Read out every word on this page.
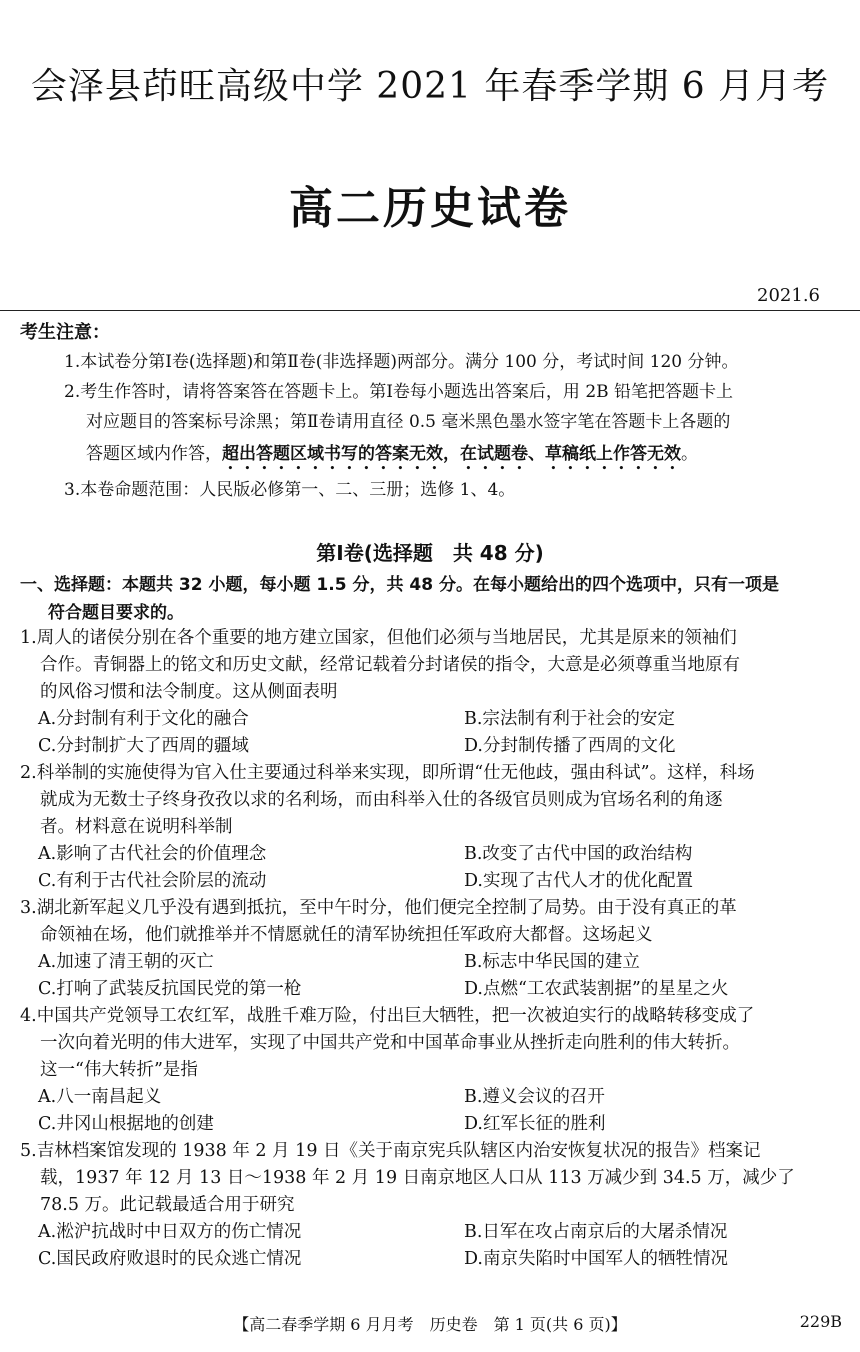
会泽县茚旺高级中学 2021 年春季学期 6 月月考
高二历史试卷
2021.6
考生注意：
1.本试卷分第Ⅰ卷(选择题)和第Ⅱ卷(非选择题)两部分。满分 100 分，考试时间 120 分钟。
2.考生作答时，请将答案答在答题卡上。第Ⅰ卷每小题选出答案后，用 2B 铅笔把答题卡上
对应题目的答案标号涂黑；第Ⅱ卷请用直径 0.5 毫米黑色墨水签字笔在答题卡上各题的
答题区域内作答，超出答题区域书写的答案无效，在试题卷、草稿纸上作答无效。
3.本卷命题范围：人民版必修第一、二、三册；选修 1、4。
第Ⅰ卷(选择题　共 48 分)
一、选择题：本题共 32 小题，每小题 1.5 分，共 48 分。在每小题给出的四个选项中，只有一项是
符合题目要求的。

1.周人的诸侯分别在各个重要的地方建立国家，但他们必须与当地居民，尤其是原来的领袖们

合作。青铜器上的铭文和历史文献，经常记载着分封诸侯的指令，大意是必须尊重当地原有

的风俗习惯和法令制度。这从侧面表明

A.分封制有利于文化的融合	B.宗法制有利于社会的安定
C.分封制扩大了西周的疆域	D.分封制传播了西周的文化

2.科举制的实施使得为官入仕主要通过科举来实现，即所谓“仕无他歧，强由科试”。这样，科场

就成为无数士子终身孜孜以求的名利场，而由科举入仕的各级官员则成为官场名利的角逐

者。材料意在说明科举制

A.影响了古代社会的价值理念	B.改变了古代中国的政治结构
C.有利于古代社会阶层的流动	D.实现了古代人才的优化配置

3.湖北新军起义几乎没有遇到抵抗，至中午时分，他们便完全控制了局势。由于没有真正的革

命领袖在场，他们就推举并不情愿就任的清军协统担任军政府大都督。这场起义

A.加速了清王朝的灭亡	B.标志中华民国的建立
C.打响了武装反抗国民党的第一枪	D.点燃“工农武装割据”的星星之火

4.中国共产党领导工农红军，战胜千难万险，付出巨大牺牲，把一次被迫实行的战略转移变成了

一次向着光明的伟大进军，实现了中国共产党和中国革命事业从挫折走向胜利的伟大转折。

这一“伟大转折”是指

A.八一南昌起义	B.遵义会议的召开
C.井冈山根据地的创建	D.红军长征的胜利

5.吉林档案馆发现的 1938 年 2 月 19 日《关于南京宪兵队辖区内治安恢复状况的报告》档案记

载，1937 年 12 月 13 日～1938 年 2 月 19 日南京地区人口从 113 万减少到 34.5 万，减少了

78.5 万。此记载最适合用于研究

A.淞沪抗战时中日双方的伤亡情况	B.日军在攻占南京后的大屠杀情况
C.国民政府败退时的民众逃亡情况	D.南京失陷时中国军人的牺牲情况
【高二春季学期 6 月月考　历史卷　第 1 页(共 6 页)】	229B
